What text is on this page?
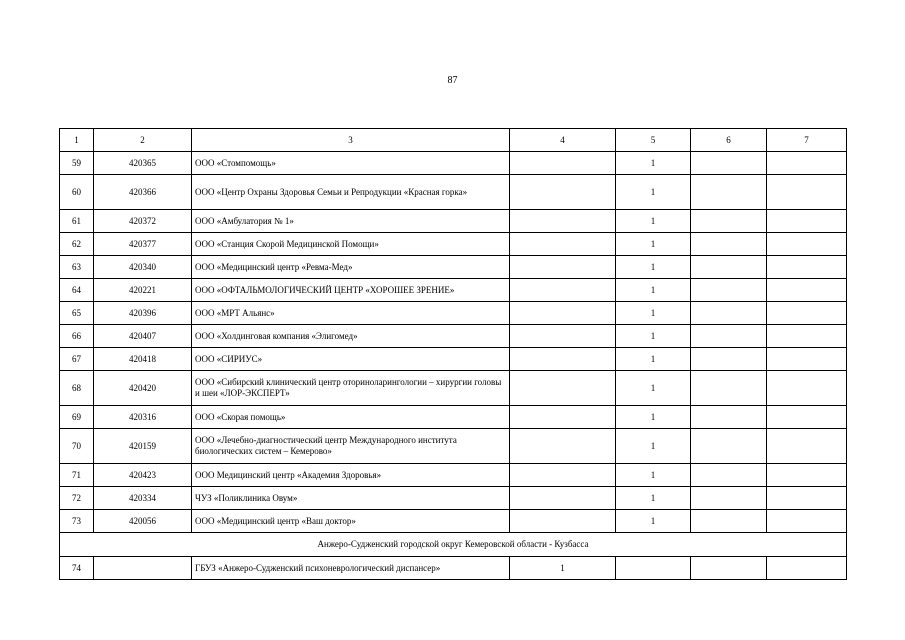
87
1	2	3	4	5	6	7
59	420365	ООО «Стомпомощь»		1		
60	420366	ООО «Центр Охраны Здоровья Семьи и Репродукции «Красная горка»		1		
61	420372	ООО «Амбулатория № 1»		1		
62	420377	ООО «Станция Скорой Медицинской Помощи»		1		
63	420340	ООО «Медицинский центр «Ревма-Мед»		1		
64	420221	ООО «ОФТАЛЬМОЛОГИЧЕСКИЙ ЦЕНТР «ХОРОШЕЕ ЗРЕНИЕ»		1		
65	420396	ООО «МРТ Альянс»		1		
66	420407	ООО «Холдинговая компания «Элигомед»		1		
67	420418	ООО «СИРИУС»		1		
68	420420	ООО «Сибирский клинический центр оториноларингологии – хирургии головы и шеи «ЛОР-ЭКСПЕРТ»		1		
69	420316	ООО «Скорая помощь»		1		
70	420159	ООО «Лечебно-диагностический центр Международного института биологических систем – Кемерово»		1		
71	420423	ООО Медицинский центр «Академия Здоровья»		1		
72	420334	ЧУЗ «Поликлиника Овум»		1		
73	420056	ООО «Медицинский центр «Ваш доктор»		1		
Анжеро-Судженский городской округ Кемеровской области - Кузбасса						
74		ГБУЗ «Анжеро-Судженский психоневрологический диспансер»	1			
